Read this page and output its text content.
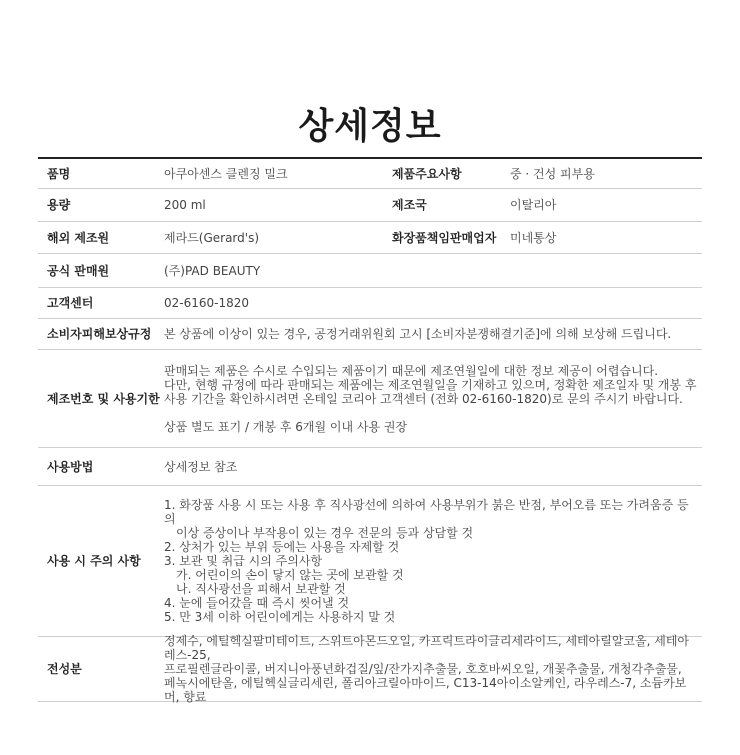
상세정보
품명	아쿠아센스 클렌징 밀크	제품주요사항	중 · 건성 피부용
용량	200 ml	제조국	이탈리아
해외 제조원	제라드(Gerard's)	화장품책임판매업자 미네통상
공식 판매원	(주)PAD BEAUTY
고객센터	02-6160-1820
소비자피해보상규정 본 상품에 이상이 있는 경우, 공정거래위원회 고시 [소비자분쟁해결기준]에 의해 보상해 드립니다.
제조번호 및 사용기한

판매되는 제품은 수시로 수입되는 제품이기 때문에 제조연월일에 대한 정보 제공이 어렵습니다.

다만, 현행 규정에 따라 판매되는 제품에는 제조연월일을 기재하고 있으며, 정확한 제조일자 및 개봉 후

사용 기간을 확인하시려면 온테일 코리아 고객센터 (전화 02-6160-1820)로 문의 주시기 바랍니다.

상품 별도 표기 / 개봉 후 6개월 이내 사용 권장

사용방법	상세정보 참조
사용 시 주의 사항
1. 화장품 사용 시 또는 사용 후 직사광선에 의하여 사용부위가 붉은 반점, 부어오름 또는 가려움증 등의
이상 증상이나 부작용이 있는 경우 전문의 등과 상담할 것
2. 상처가 있는 부위 등에는 사용을 자제할 것
3. 보관 및 취급 시의 주의사항
가. 어린이의 손이 닿지 않는 곳에 보관할 것
나. 직사광선을 피해서 보관할 것
4. 눈에 들어갔을 때 즉시 씻어낼 것
5. 만 3세 이하 어린이에게는 사용하지 말 것
전성분

정제수, 에틸헥실팔미테이트, 스위트아몬드오일, 카프릭트라이글리세라이드, 세테아릴알코올, 세테아레스-25,

프로필렌글라이콜, 버지니아풍년화겁질/잎/잔가지추출물, 호호바씨오일, 개꽃추출물, 개청각추출물,

페녹시에탄올, 에틸헥실글리세린, 폴리아크릴아마이드, C13-14아이소알케인, 라우레스-7, 소듐카보머, 향료
